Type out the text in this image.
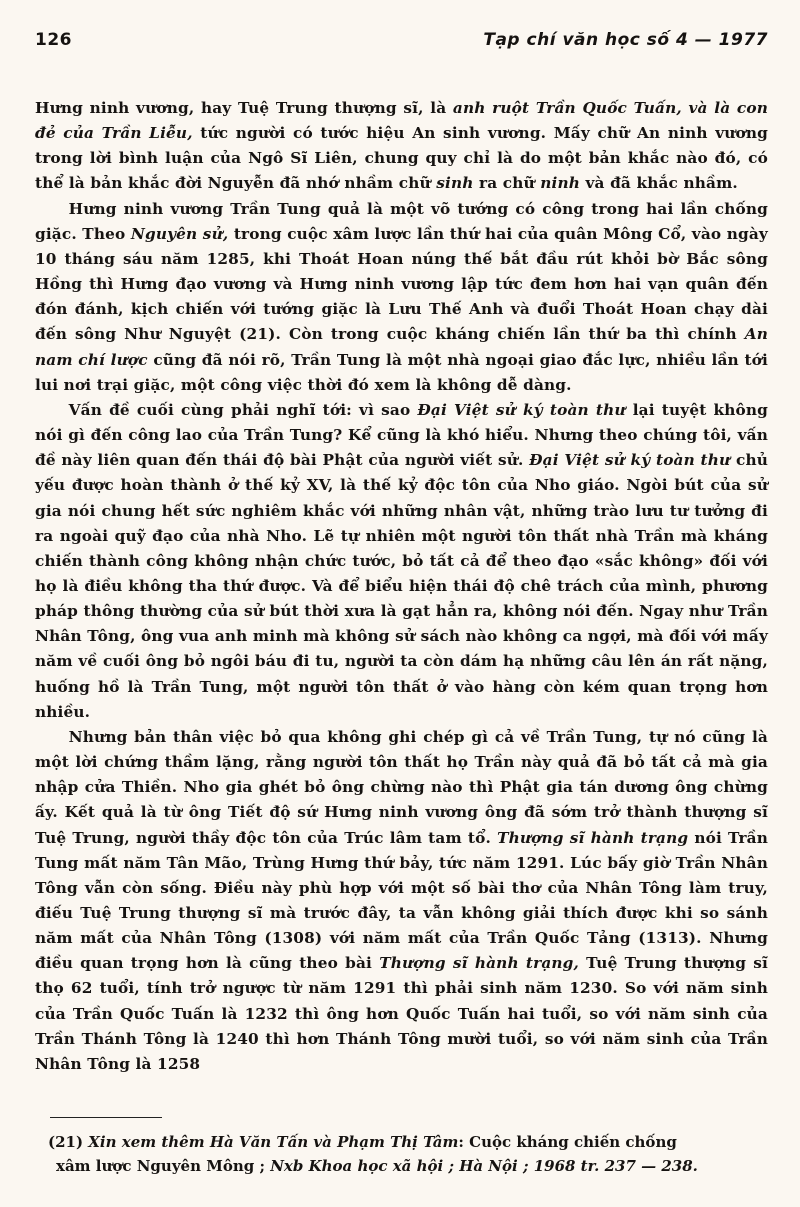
126	Tạp chí văn học số 4 — 1977

Hưng ninh vương, hay Tuệ Trung thượng sĩ, là anh ruột Trần Quốc Tuấn, và là con đẻ của Trần Liễu, tức người có tước hiệu An sinh vương. Mấy chữ An ninh vương trong lời bình luận của Ngô Sĩ Liên, chung quy chỉ là do một bản khắc nào đó, có thể là bản khắc đời Nguyễn đã nhớ nhầm chữ sinh ra chữ ninh và đã khắc nhầm.

Hưng ninh vương Trần Tung quả là một võ tướng có công trong hai lần chống giặc. Theo Nguyên sử, trong cuộc xâm lược lần thứ hai của quân Mông Cổ, vào ngày 10 tháng sáu năm 1285, khi Thoát Hoan núng thế bắt đầu rút khỏi bờ Bắc sông Hồng thì Hưng đạo vương và Hưng ninh vương lập tức đem hơn hai vạn quân đến đón đánh, kịch chiến với tướng giặc là Lưu Thế Anh và đuổi Thoát Hoan chạy dài đến sông Như Nguyệt (21). Còn trong cuộc kháng chiến lần thứ ba thì chính An nam chí lược cũng đã nói rõ, Trần Tung là một nhà ngoại giao đắc lực, nhiều lần tới lui nơi trại giặc, một công việc thời đó xem là không dễ dàng.

Vấn đề cuối cùng phải nghĩ tới: vì sao Đại Việt sử ký toàn thư lại tuyệt không nói gì đến công lao của Trần Tung? Kể cũng là khó hiểu. Nhưng theo chúng tôi, vấn đề này liên quan đến thái độ bài Phật của người viết sử. Đại Việt sử ký toàn thư chủ yếu được hoàn thành ở thế kỷ XV, là thế kỷ độc tôn của Nho giáo. Ngòi bút của sử gia nói chung hết sức nghiêm khắc với những nhân vật, những trào lưu tư tưởng đi ra ngoài quỹ đạo của nhà Nho. Lẽ tự nhiên một người tôn thất nhà Trần mà kháng chiến thành công không nhận chức tước, bỏ tất cả để theo đạo «sắc không» đối với họ là điều không tha thứ được. Và để biểu hiện thái độ chê trách của mình, phương pháp thông thường của sử bút thời xưa là gạt hẳn ra, không nói đến. Ngay như Trần Nhân Tông, ông vua anh minh mà không sử sách nào không ca ngợi, mà đối với mấy năm về cuối ông bỏ ngôi báu đi tu, người ta còn dám hạ những câu lên án rất nặng, huống hồ là Trần Tung, một người tôn thất ở vào hàng còn kém quan trọng hơn nhiều.

Nhưng bản thân việc bỏ qua không ghi chép gì cả về Trần Tung, tự nó cũng là một lời chứng thầm lặng, rằng người tôn thất họ Trần này quả đã bỏ tất cả mà gia nhập cửa Thiền. Nho gia ghét bỏ ông chừng nào thì Phật gia tán dương ông chừng ấy. Kết quả là từ ông Tiết độ sứ Hưng ninh vương ông đã sớm trở thành thượng sĩ Tuệ Trung, người thầy độc tôn của Trúc lâm tam tổ. Thượng sĩ hành trạng nói Trần Tung mất năm Tân Mão, Trùng Hưng thứ bảy, tức năm 1291. Lúc bấy giờ Trần Nhân Tông vẫn còn sống. Điều này phù hợp với một số bài thơ của Nhân Tông làm truy, điếu Tuệ Trung thượng sĩ mà trước đây, ta vẫn không giải thích được khi so sánh năm mất của Nhân Tông (1308) với năm mất của Trần Quốc Tảng (1313). Nhưng điều quan trọng hơn là cũng theo bài Thượng sĩ hành trạng, Tuệ Trung thượng sĩ thọ 62 tuổi, tính trở ngược từ năm 1291 thì phải sinh năm 1230. So với năm sinh của Trần Quốc Tuấn là 1232 thì ông hơn Quốc Tuấn hai tuổi, so với năm sinh của Trần Thánh Tông là 1240 thì hơn Thánh Tông mười tuổi, so với năm sinh của Trần Nhân Tông là 1258

(21) Xin xem thêm Hà Văn Tấn và Phạm Thị Tâm: Cuộc kháng chiến chống
xâm lược Nguyên Mông ; Nxb Khoa học xã hội ; Hà Nội ; 1968 tr. 237 — 238.
